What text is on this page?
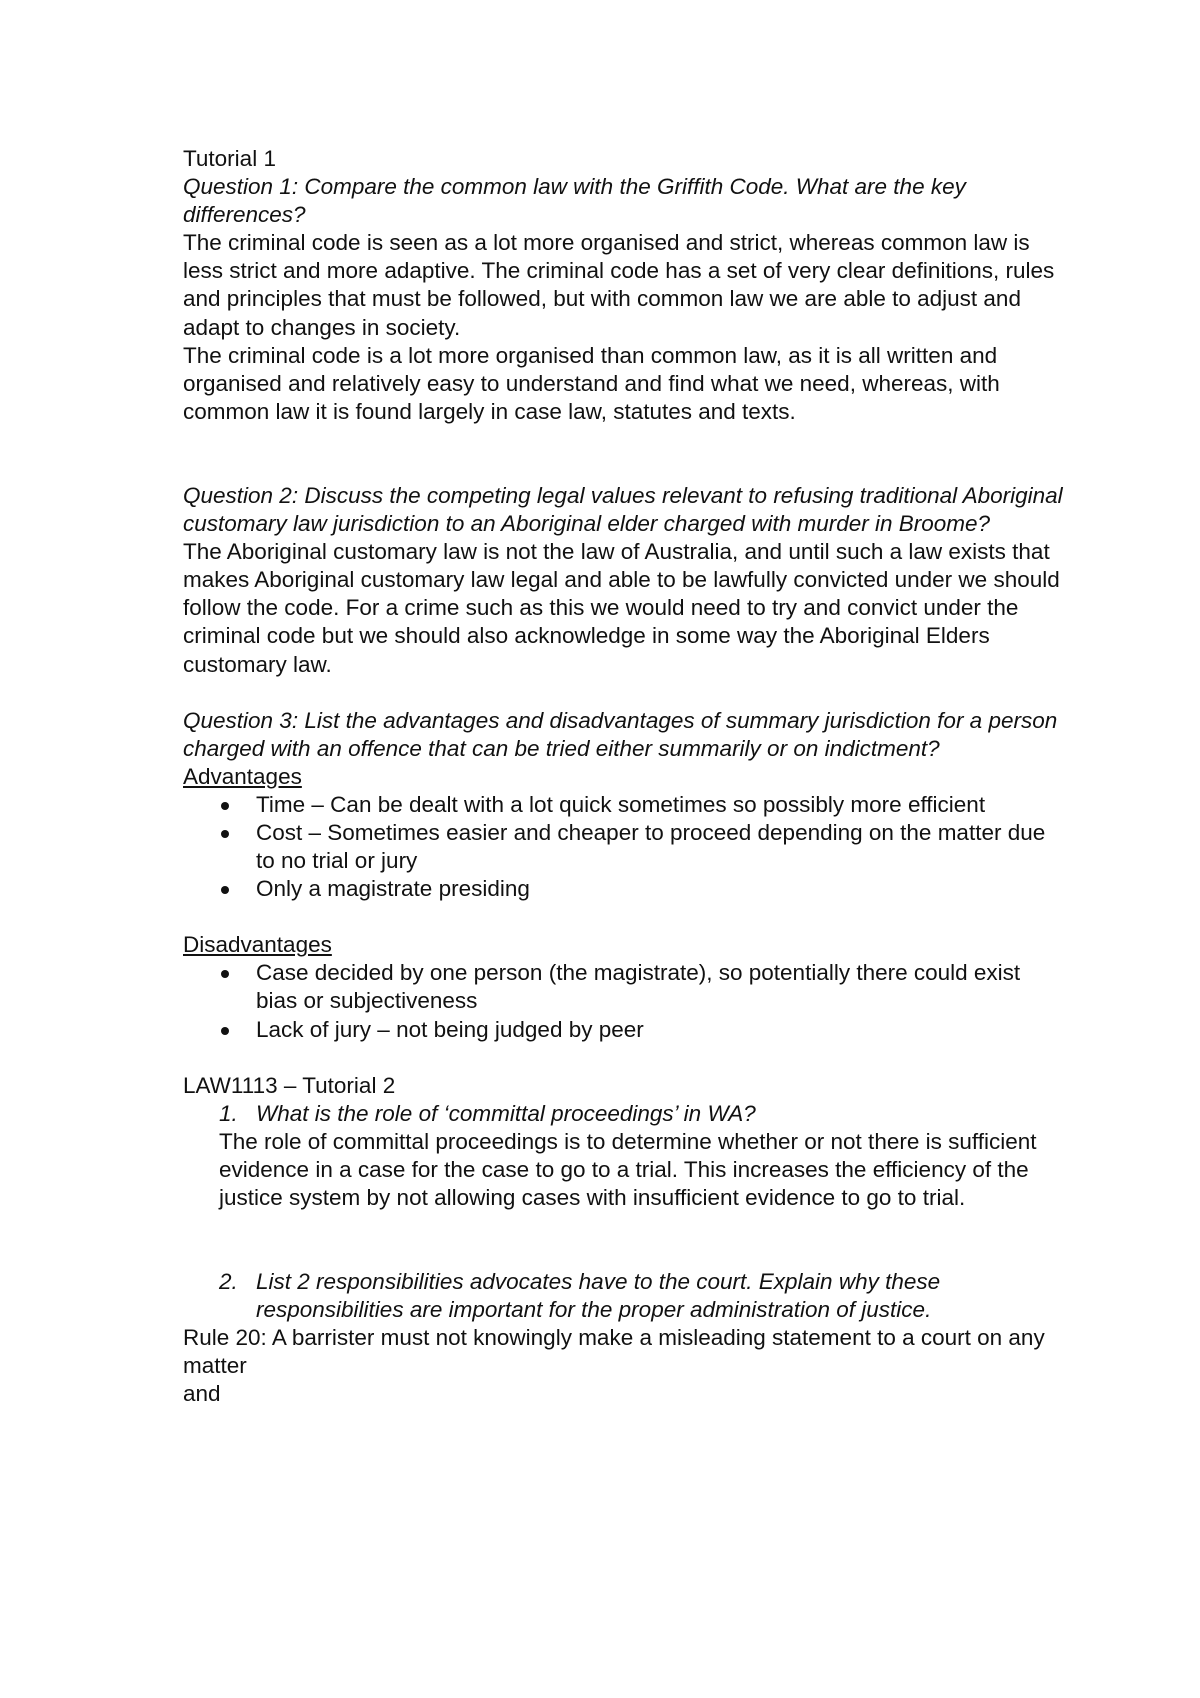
Tutorial 1

Question 1: Compare the common law with the Griffith Code. What are the key differences?

The criminal code is seen as a lot more organised and strict, whereas common law is less strict and more adaptive. The criminal code has a set of very clear definitions, rules and principles that must be followed, but with common law we are able to adjust and adapt to changes in society.

The criminal code is a lot more organised than common law, as it is all written and organised and relatively easy to understand and find what we need, whereas, with common law it is found largely in case law, statutes and texts.

Question 2: Discuss the competing legal values relevant to refusing traditional Aboriginal customary law jurisdiction to an Aboriginal elder charged with murder in Broome?

The Aboriginal customary law is not the law of Australia, and until such a law exists that makes Aboriginal customary law legal and able to be lawfully convicted under we should follow the code. For a crime such as this we would need to try and convict under the criminal code but we should also acknowledge in some way the Aboriginal Elders customary law.

Question 3: List the advantages and disadvantages of summary jurisdiction for a person charged with an offence that can be tried either summarily or on indictment?

Advantages

Time – Can be dealt with a lot quick sometimes so possibly more efficient
Cost – Sometimes easier and cheaper to proceed depending on the matter due to no trial or jury
Only a magistrate presiding

Disadvantages

Case decided by one person (the magistrate), so potentially there could exist bias or subjectiveness
Lack of jury – not being judged by peer

LAW1113 – Tutorial 2

1. What is the role of ‘committal proceedings’ in WA?

The role of committal proceedings is to determine whether or not there is sufficient evidence in a case for the case to go to a trial. This increases the efficiency of the justice system by not allowing cases with insufficient evidence to go to trial.

2. List 2 responsibilities advocates have to the court. Explain why these responsibilities are important for the proper administration of justice.

Rule 20: A barrister must not knowingly make a misleading statement to a court on any matter

and
